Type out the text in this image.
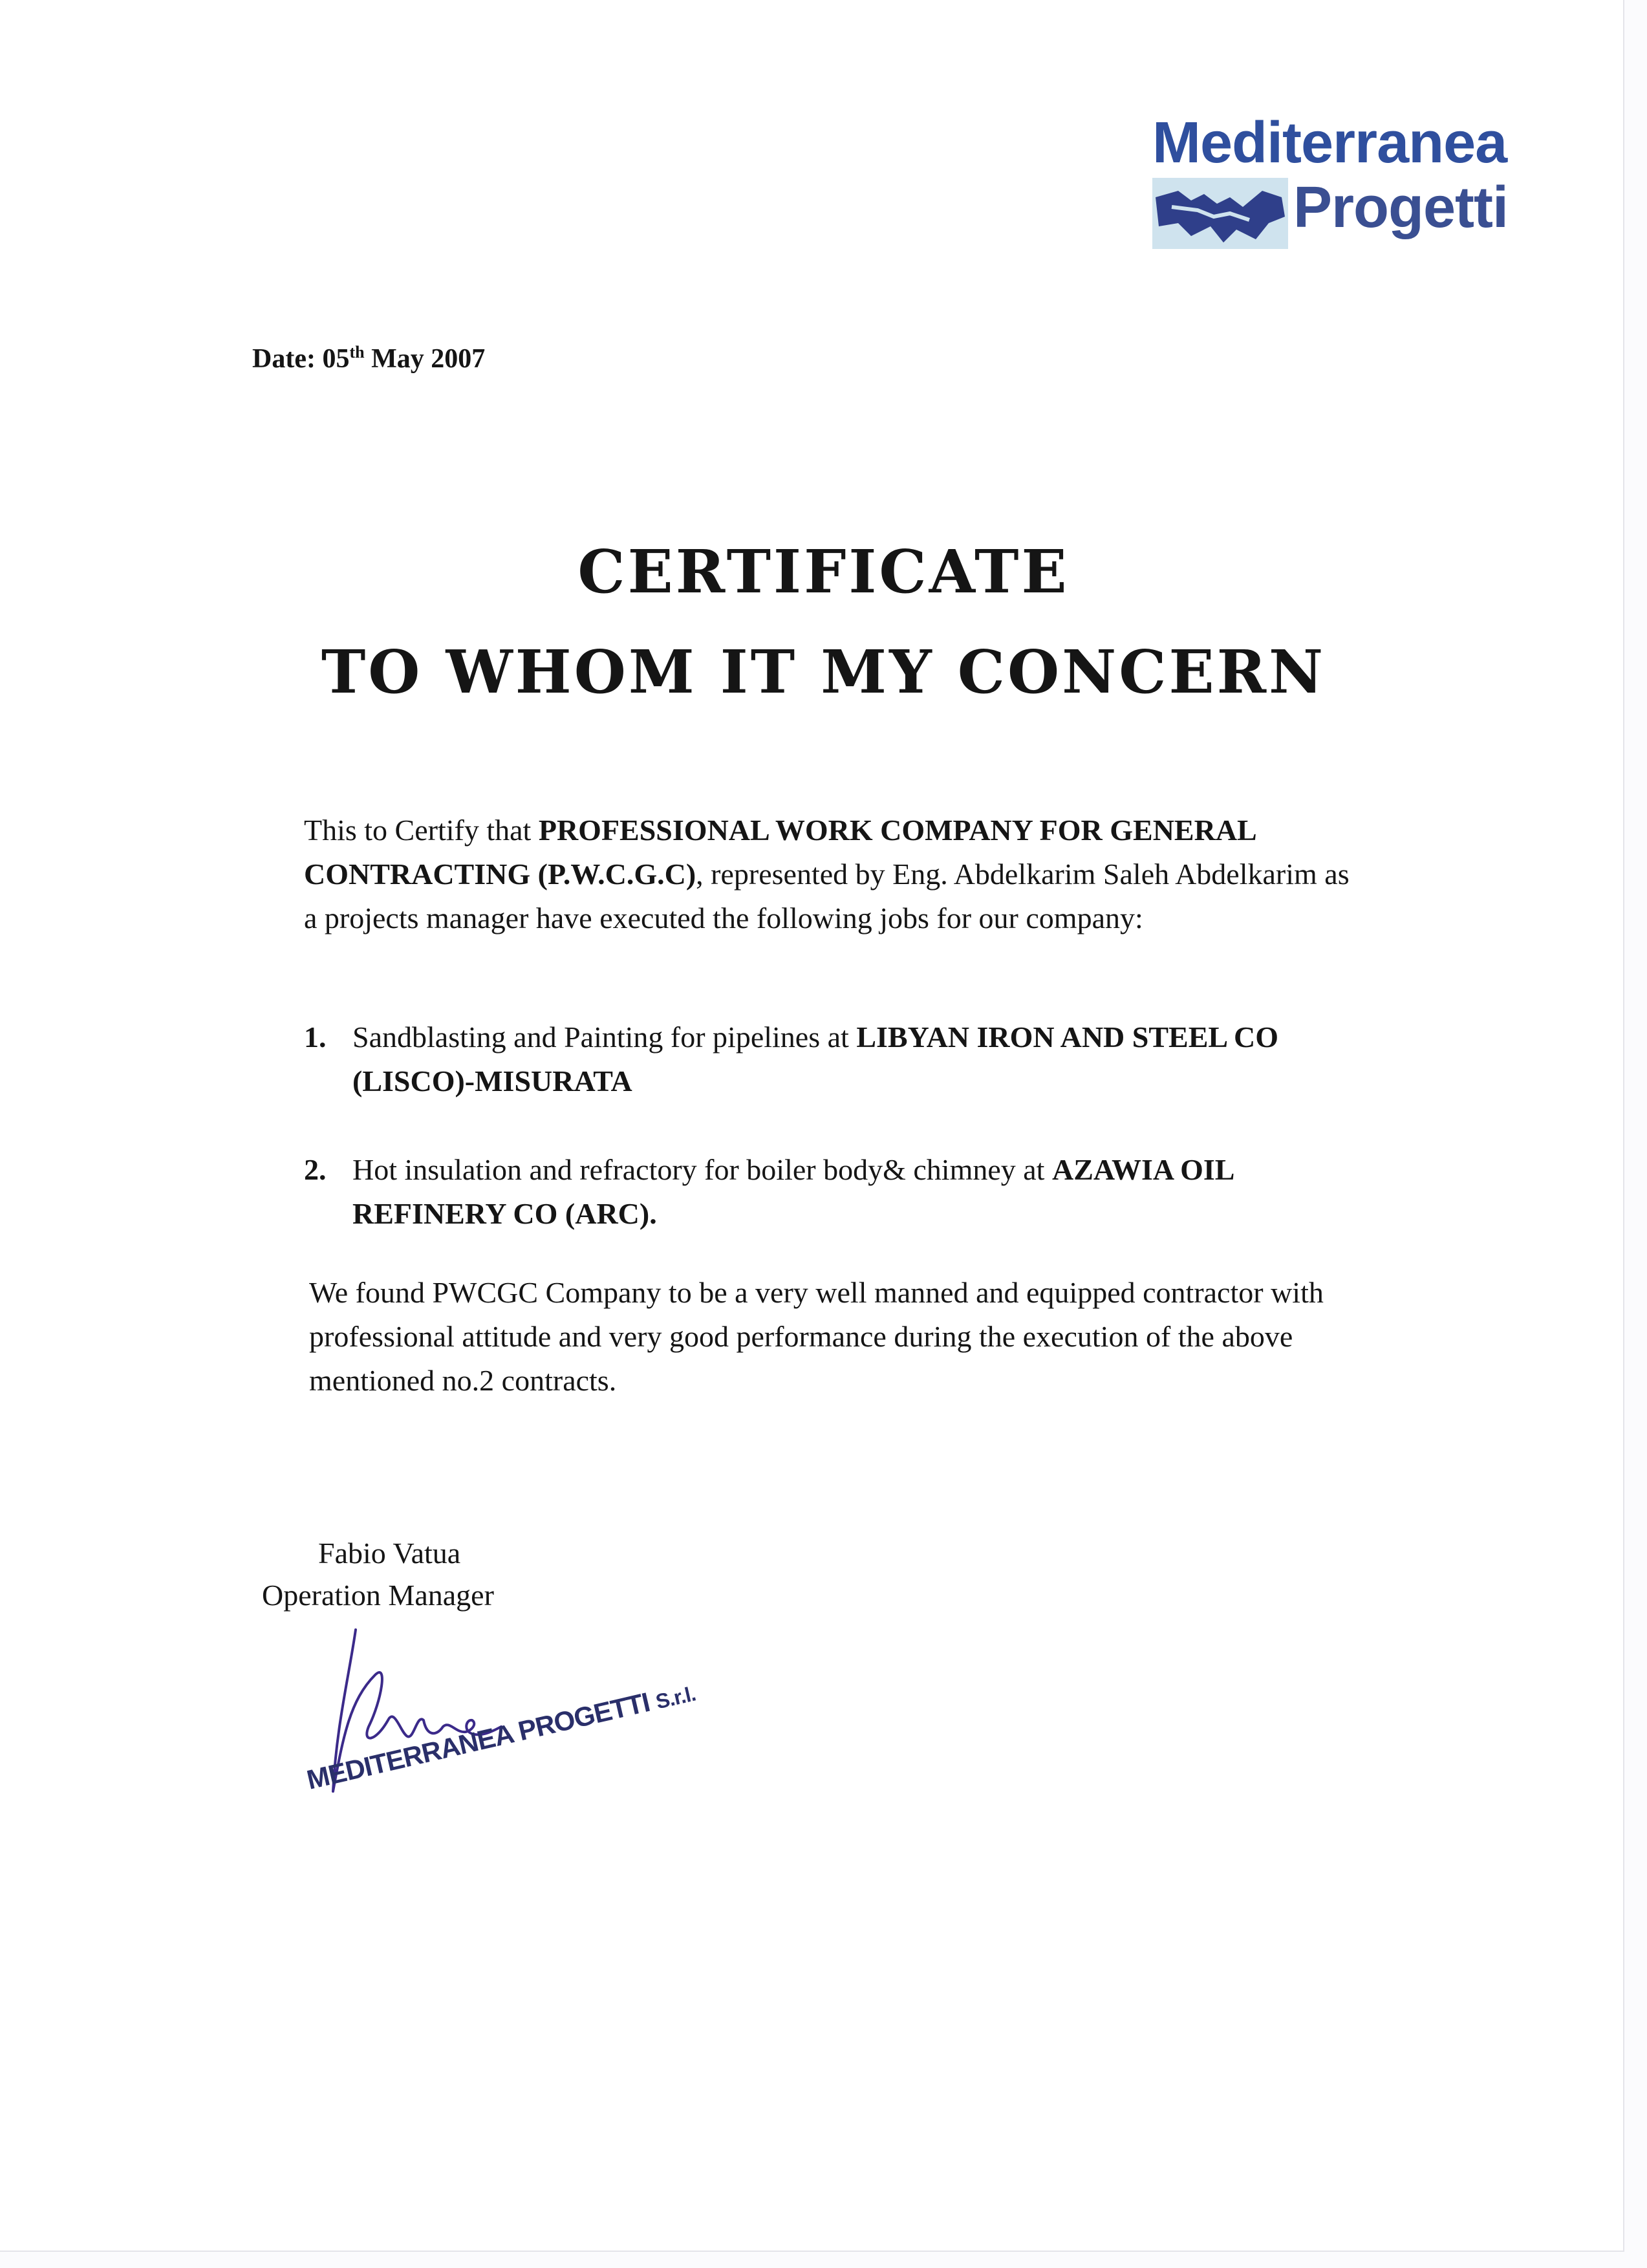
Mediterranea
Progetti
Date: 05th May 2007
CERTIFICATE
TO WHOM IT MY CONCERN
This to Certify that PROFESSIONAL WORK COMPANY FOR GENERAL CONTRACTING (P.W.C.G.C), represented by Eng. Abdelkarim Saleh Abdelkarim as a projects manager have executed the following jobs for our company:
1. Sandblasting and Painting for pipelines at LIBYAN IRON AND STEEL CO (LISCO)-MISURATA
2. Hot insulation and refractory for boiler body& chimney at AZAWIA OIL REFINERY CO (ARC).
We found PWCGC Company to be a very well manned and equipped contractor with professional attitude and very good performance during the execution of the above mentioned no.2 contracts.
Fabio Vatua
Operation Manager
MEDITERRANEA PROGETTI S.r.l.
